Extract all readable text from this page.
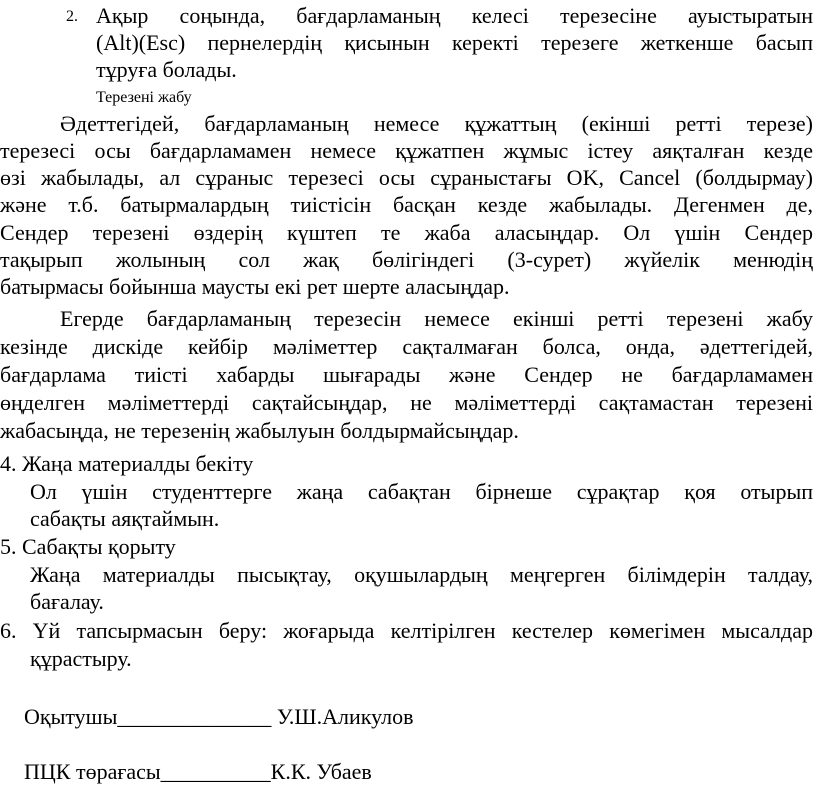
2. Ақыр соңында, бағдарламаның келесі терезесіне ауыстыратын
(Alt)(Esc) пернелердің қисынын керекті терезеге жеткенше басып
тұруға болады.
Терезені жабу
Әдеттегідей, бағдарламаның немесе құжаттың (екінші ретті терезе)
терезесі осы бағдарламамен немесе құжатпен жұмыс істеу аяқталған кезде
өзі жабылады, ал сұраныс терезесі осы сұраныстағы OK, Cancel (болдырмау)
және т.б. батырмалардың тиістісін басқан кезде жабылады. Дегенмен де,
Сендер терезені өздерің күштеп те жаба аласыңдар. Ол үшін Сендер
тақырып жолының сол жақ бөлігіндегі (3-сурет) жүйелік менюдің
батырмасы бойынша маусты екі рет шерте аласыңдар.
Егерде бағдарламаның терезесін немесе екінші ретті терезені жабу
кезінде дискіде кейбір мәліметтер сақталмаған болса, онда, әдеттегідей,
бағдарлама тиісті хабарды шығарады және Сендер не бағдарламамен
өңделген мәліметтерді сақтайсыңдар, не мәліметтерді сақтамастан терезені
жабасыңда, не терезенің жабылуын болдырмайсыңдар.
4. Жаңа материалды бекіту
Ол үшін студенттерге жаңа сабақтан бірнеше сұрақтар қоя отырып
сабақты аяқтаймын.
5. Сабақты қорыту
Жаңа материалды пысықтау, оқушылардың меңгерген білімдерін талдау,
бағалау.
6. Үй тапсырмасын беру: жоғарыда келтірілген кестелер көмегімен мысалдар
құрастыру.
Оқытушы______________ У.Ш.Аликулов
ПЦК төрағасы__________К.К. Убаев
